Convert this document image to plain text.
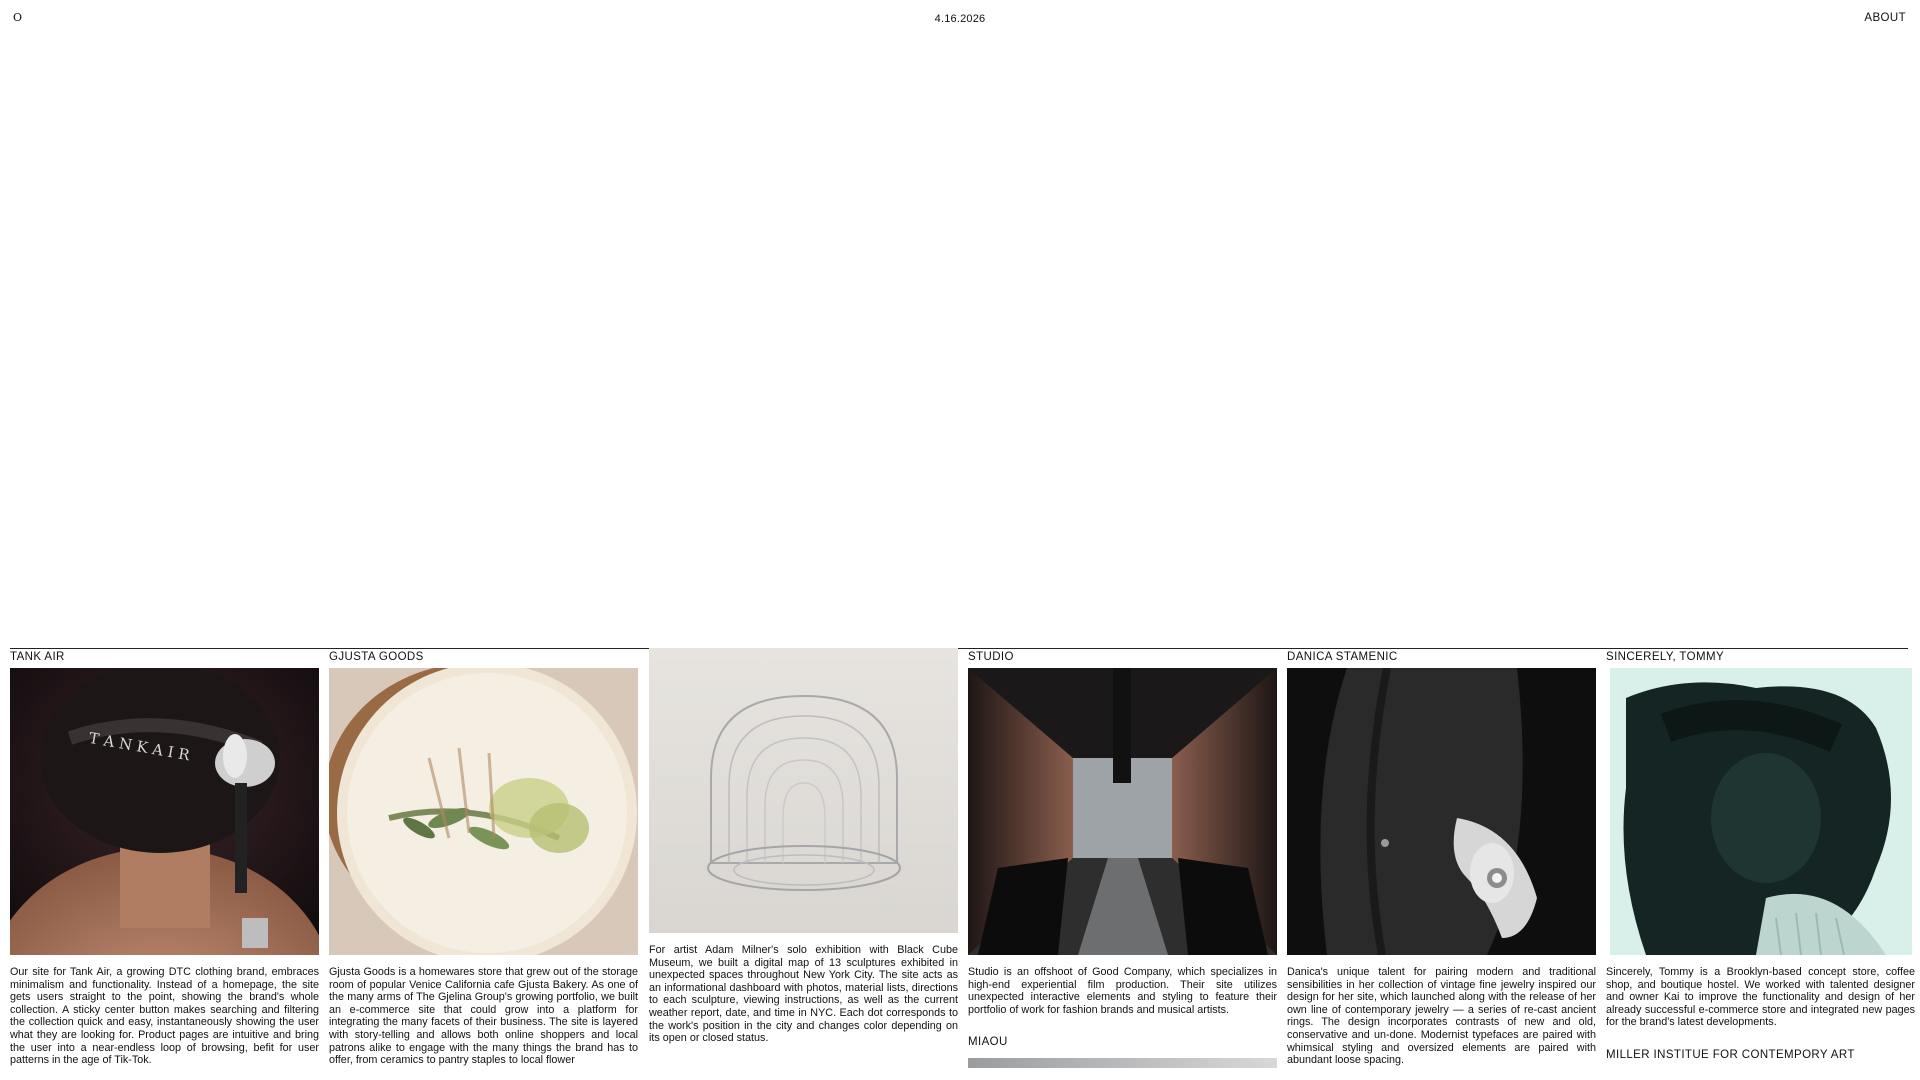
O	4.16.2026	ABOUT
TANK AIR
T A N K A I R
Our site for Tank Air, a growing DTC clothing brand, embraces minimalism and functionality. Instead of a homepage, the site gets users straight to the point, showing the brand's whole collection. A sticky center button makes searching and filtering the collection quick and easy, instantaneously showing the user what they are looking for. Product pages are intuitive and bring the user into a near-endless loop of browsing, befit for user patterns in the age of Tik-Tok.
GJUSTA GOODS
Gjusta Goods is a homewares store that grew out of the storage room of popular Venice California cafe Gjusta Bakery. As one of the many arms of The Gjelina Group's growing portfolio, we built an e-commerce site that could grow into a platform for integrating the many facets of their business. The site is layered with story-telling and allows both online shoppers and local patrons alike to engage with the many things the brand has to offer, from ceramics to pantry staples to local flower
For artist Adam Milner's solo exhibition with Black Cube Museum, we built a digital map of 13 sculptures exhibited in unexpected spaces throughout New York City. The site acts as an informational dashboard with photos, material lists, directions to each sculpture, viewing instructions, as well as the current weather report, date, and time in NYC. Each dot corresponds to the work's position in the city and changes color depending on its open or closed status.
STUDIO
Studio is an offshoot of Good Company, which specializes in high-end experiential film production. Their site utilizes unexpected interactive elements and styling to feature their portfolio of work for fashion brands and musical artists.
MIAOU
DANICA STAMENIC
Danica's unique talent for pairing modern and traditional sensibilities in her collection of vintage fine jewelry inspired our design for her site, which launched along with the release of her own line of contemporary jewelry — a series of re-cast ancient rings. The design incorporates contrasts of new and old, conservative and un-done. Modernist typefaces are paired with whimsical styling and oversized elements are paired with abundant loose spacing.
SINCERELY, TOMMY
Sincerely, Tommy is a Brooklyn-based concept store, coffee shop, and boutique hostel. We worked with talented designer and owner Kai to improve the functionality and design of her already successful e-commerce store and integrated new pages for the brand's latest developments.
MILLER INSTITUE FOR CONTEMPORY ART
